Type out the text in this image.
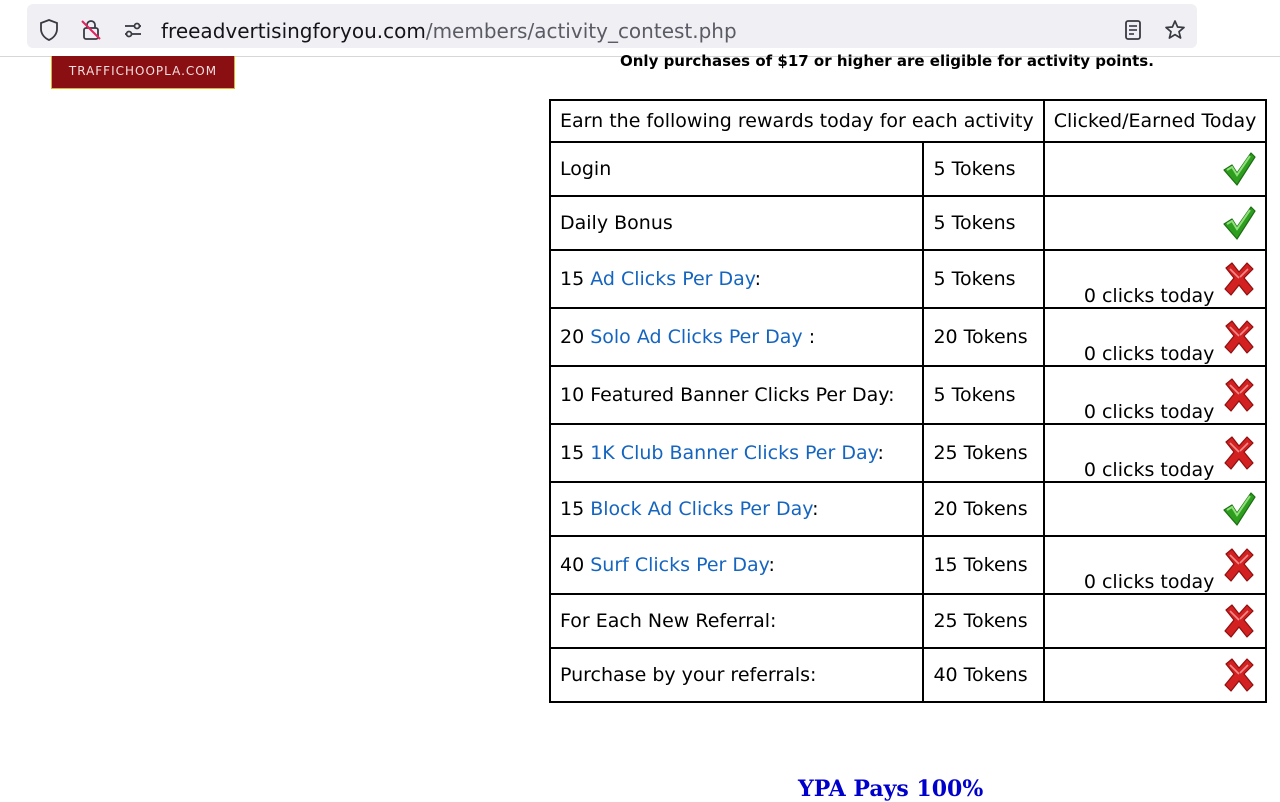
freeadvertisingforyou.com/members/activity_contest.php
TRAFFICHOOPLA.COM
Only purchases of $17 or higher are eligible for activity points.
Earn the following rewards today for each activity		Clicked/Earned Today
Login	5 Tokens	

Daily Bonus	5 Tokens	

15 Ad Clicks Per Day:	5 Tokens	0 clicks today

20 Solo Ad Clicks Per Day :	20 Tokens	0 clicks today

10 Featured Banner Clicks Per Day:	5 Tokens	0 clicks today

15 1K Club Banner Clicks Per Day:	25 Tokens	0 clicks today

15 Block Ad Clicks Per Day:	20 Tokens	

40 Surf Clicks Per Day:	15 Tokens	0 clicks today

For Each New Referral:	25 Tokens	

Purchase by your referrals:	40 Tokens	
YPA Pays 100%
